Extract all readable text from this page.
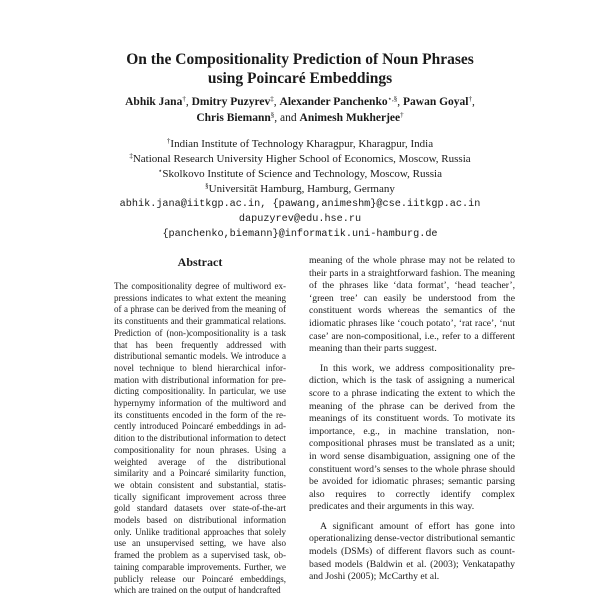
On the Compositionality Prediction of Noun Phrases
using Poincaré Embeddings
Abhik Jana†, Dmitry Puzyrev‡, Alexander Panchenko⋆,§, Pawan Goyal†,
Chris Biemann§, and Animesh Mukherjee†
†Indian Institute of Technology Kharagpur, Kharagpur, India
‡National Research University Higher School of Economics, Moscow, Russia
⋆Skolkovo Institute of Science and Technology, Moscow, Russia
§Universität Hamburg, Hamburg, Germany
abhik.jana@iitkgp.ac.in, {pawang,animeshm}@cse.iitkgp.ac.in
dapuzyrev@edu.hse.ru
{panchenko,biemann}@informatik.uni-hamburg.de
Abstract

The compositionality degree of multiword expressions indicates to what extent the meaning of a phrase can be derived from the meaning of its constituents and their grammatical relations. Prediction of (non-)compositionality is a task that has been frequently addressed with distributional semantic models. We introduce a novel technique to blend hierarchical information with distributional information for predicting compositionality. In particular, we use hypernymy information of the multiword and its constituents encoded in the form of the recently introduced Poincaré embeddings in addition to the distributional information to detect compositionality for noun phrases. Using a weighted average of the distributional similarity and a Poincaré similarity function, we obtain consistent and substantial, statistically significant improvement across three gold standard datasets over state-of-the-art models based on distributional information only. Unlike traditional approaches that solely use an unsupervised setting, we have also framed the problem as a supervised task, obtaining comparable improvements. Further, we publicly release our Poincaré embeddings, which are trained on the output of handcrafted

meaning of the whole phrase may not be related to their parts in a straightforward fashion. The meaning of the phrases like ‘data format’, ‘head teacher’, ‘green tree’ can easily be understood from the constituent words whereas the semantics of the idiomatic phrases like ‘couch potato’, ‘rat race’, ‘nut case’ are non-compositional, i.e., refer to a different meaning than their parts suggest.

In this work, we address compositionality prediction, which is the task of assigning a numerical score to a phrase indicating the extent to which the meaning of the phrase can be derived from the meanings of its constituent words. To motivate its importance, e.g., in machine translation, non-compositional phrases must be translated as a unit; in word sense disambiguation, assigning one of the constituent word’s senses to the whole phrase should be avoided for idiomatic phrases; semantic parsing also requires to correctly identify complex predicates and their arguments in this way.

A significant amount of effort has gone into operationalizing dense-vector distributional semantic models (DSMs) of different flavors such as count-based models (Baldwin et al. (2003); Venkatapathy and Joshi (2005); McCarthy et al.
